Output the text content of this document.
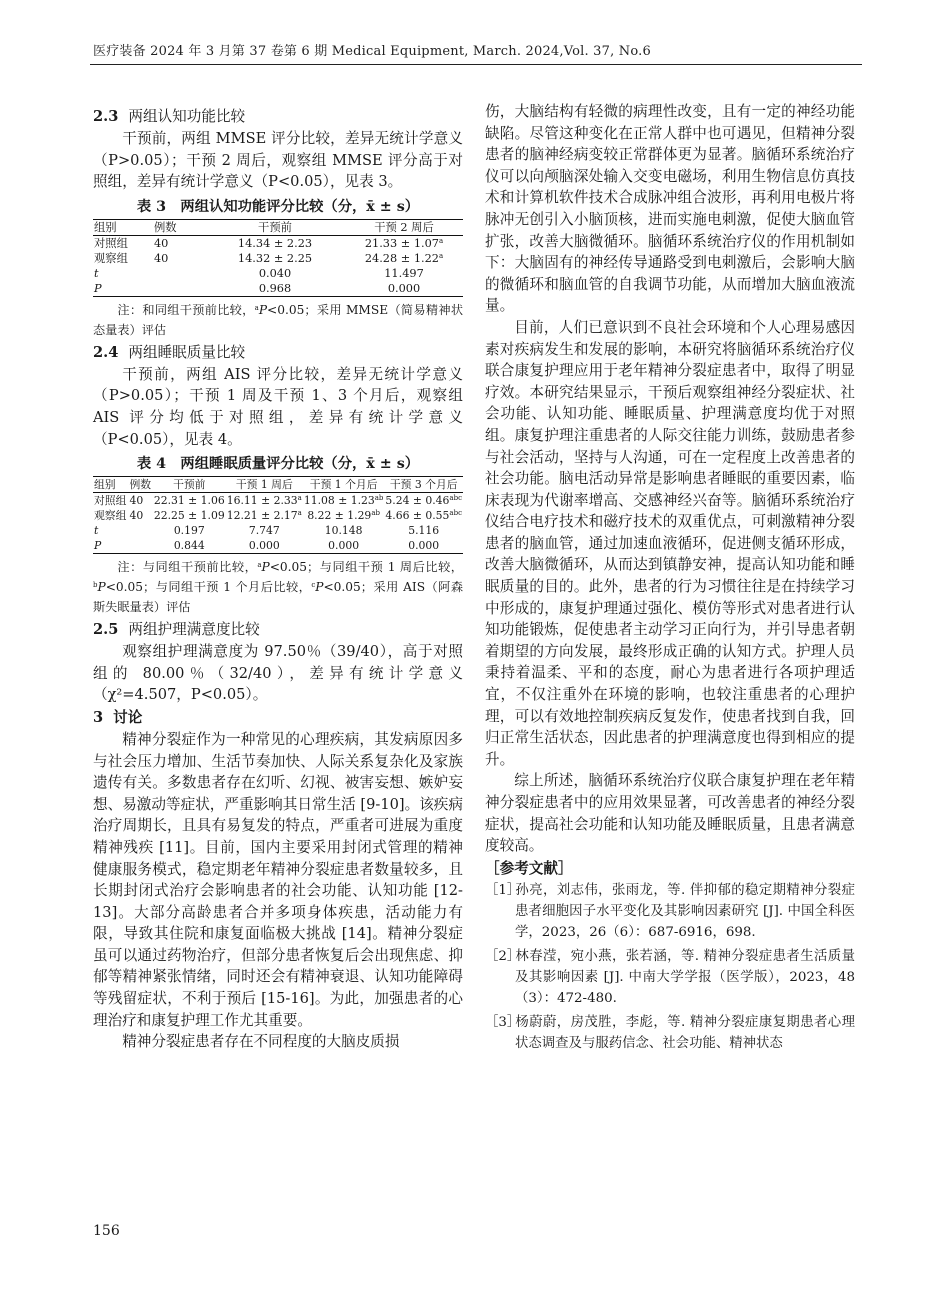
医疗装备 2024 年 3 月第 37 卷第 6 期 Medical Equipment, March. 2024,Vol. 37, No.6
2.3 两组认知功能比较

干预前，两组 MMSE 评分比较，差异无统计学意义（P>0.05）；干预 2 周后，观察组 MMSE 评分高于对照组，差异有统计学意义（P<0.05），见表 3。

表 3　两组认知功能评分比较（分，x̄ ± s）
组别	例数	干预前	干预 2 周后
对照组	40	14.34 ± 2.23	21.33 ± 1.07$^a$
观察组	40	14.32 ± 2.25	24.28 ± 1.22$^a$
t		0.040	11.497
P		0.968	0.000
注：和同组干预前比较，$^a$P<0.05；采用 MMSE（简易精神状态量表）评估
2.4 两组睡眠质量比较

干预前，两组 AIS 评分比较，差异无统计学意义（P>0.05）；干预 1 周及干预 1、3 个月后，观察组 AIS 评分均低于对照组，差异有统计学意义（P<0.05），见表 4。

表 4　两组睡眠质量评分比较（分，x̄ ± s）
组别	例数	干预前	干预 1 周后	干预 1 个月后	干预 3 个月后
对照组	40	22.31 ± 1.06	16.11 ± 2.33$^a$	11.08 ± 1.23$^{ab}$	5.24 ± 0.46$^{abc}$
观察组	40	22.25 ± 1.09	12.21 ± 2.17$^a$	8.22 ± 1.29$^{ab}$	4.66 ± 0.55$^{abc}$
t		0.197	7.747	10.148	5.116
P		0.844	0.000	0.000	0.000
注：与同组干预前比较，$^a$P<0.05；与同组干预 1 周后比较，$^b$P<0.05；与同组干预 1 个月后比较，$^c$P<0.05；采用 AIS（阿森斯失眠量表）评估
2.5 两组护理满意度比较

观察组护理满意度为 97.50％（39/40），高于对照组的 80.00％（32/40），差异有统计学意义（χ²=4.507，P<0.05）。

3 讨论

精神分裂症作为一种常见的心理疾病，其发病原因多与社会压力增加、生活节奏加快、人际关系复杂化及家族遗传有关。多数患者存在幻听、幻视、被害妄想、嫉妒妄想、易激动等症状，严重影响其日常生活 [9-10]。该疾病治疗周期长，且具有易复发的特点，严重者可进展为重度精神残疾 [11]。目前，国内主要采用封闭式管理的精神健康服务模式，稳定期老年精神分裂症患者数量较多，且长期封闭式治疗会影响患者的社会功能、认知功能 [12-13]。大部分高龄患者合并多项身体疾患，活动能力有限，导致其住院和康复面临极大挑战 [14]。精神分裂症虽可以通过药物治疗，但部分患者恢复后会出现焦虑、抑郁等精神紧张情绪，同时还会有精神衰退、认知功能障碍等残留症状，不利于预后 [15-16]。为此，加强患者的心理治疗和康复护理工作尤其重要。

精神分裂症患者存在不同程度的大脑皮质损

伤，大脑结构有轻微的病理性改变，且有一定的神经功能缺陷。尽管这种变化在正常人群中也可遇见，但精神分裂患者的脑神经病变较正常群体更为显著。脑循环系统治疗仪可以向颅脑深处输入交变电磁场，利用生物信息仿真技术和计算机软件技术合成脉冲组合波形，再利用电极片将脉冲无创引入小脑顶核，进而实施电刺激，促使大脑血管扩张，改善大脑微循环。脑循环系统治疗仪的作用机制如下：大脑固有的神经传导通路受到电刺激后，会影响大脑的微循环和脑血管的自我调节功能，从而增加大脑血液流量。

目前，人们已意识到不良社会环境和个人心理易感因素对疾病发生和发展的影响，本研究将脑循环系统治疗仪联合康复护理应用于老年精神分裂症患者中，取得了明显疗效。本研究结果显示，干预后观察组神经分裂症状、社会功能、认知功能、睡眠质量、护理满意度均优于对照组。康复护理注重患者的人际交往能力训练，鼓励患者参与社会活动，坚持与人沟通，可在一定程度上改善患者的社会功能。脑电活动异常是影响患者睡眠的重要因素，临床表现为代谢率增高、交感神经兴奋等。脑循环系统治疗仪结合电疗技术和磁疗技术的双重优点，可刺激精神分裂患者的脑血管，通过加速血液循环，促进侧支循环形成，改善大脑微循环，从而达到镇静安神，提高认知功能和睡眠质量的目的。此外，患者的行为习惯往往是在持续学习中形成的，康复护理通过强化、模仿等形式对患者进行认知功能锻炼，促使患者主动学习正向行为，并引导患者朝着期望的方向发展，最终形成正确的认知方式。护理人员秉持着温柔、平和的态度，耐心为患者进行各项护理适宜，不仅注重外在环境的影响，也较注重患者的心理护理，可以有效地控制疾病反复发作，使患者找到自我，回归正常生活状态，因此患者的护理满意度也得到相应的提升。

综上所述，脑循环系统治疗仪联合康复护理在老年精神分裂症患者中的应用效果显著，可改善患者的神经分裂症状，提高社会功能和认知功能及睡眠质量，且患者满意度较高。

［参考文献］
［1］孙亮，刘志伟，张雨龙，等. 伴抑郁的稳定期精神分裂症患者细胞因子水平变化及其影响因素研究 [J]. 中国全科医学，2023，26（6）：687-6916，698.
［2］林春滢，宛小燕，张若涵，等. 精神分裂症患者生活质量及其影响因素 [J]. 中南大学学报（医学版），2023，48（3）：472-480.
［3］杨蔚蔚，房茂胜，李彪，等. 精神分裂症康复期患者心理状态调查及与服药信念、社会功能、精神状态
156
